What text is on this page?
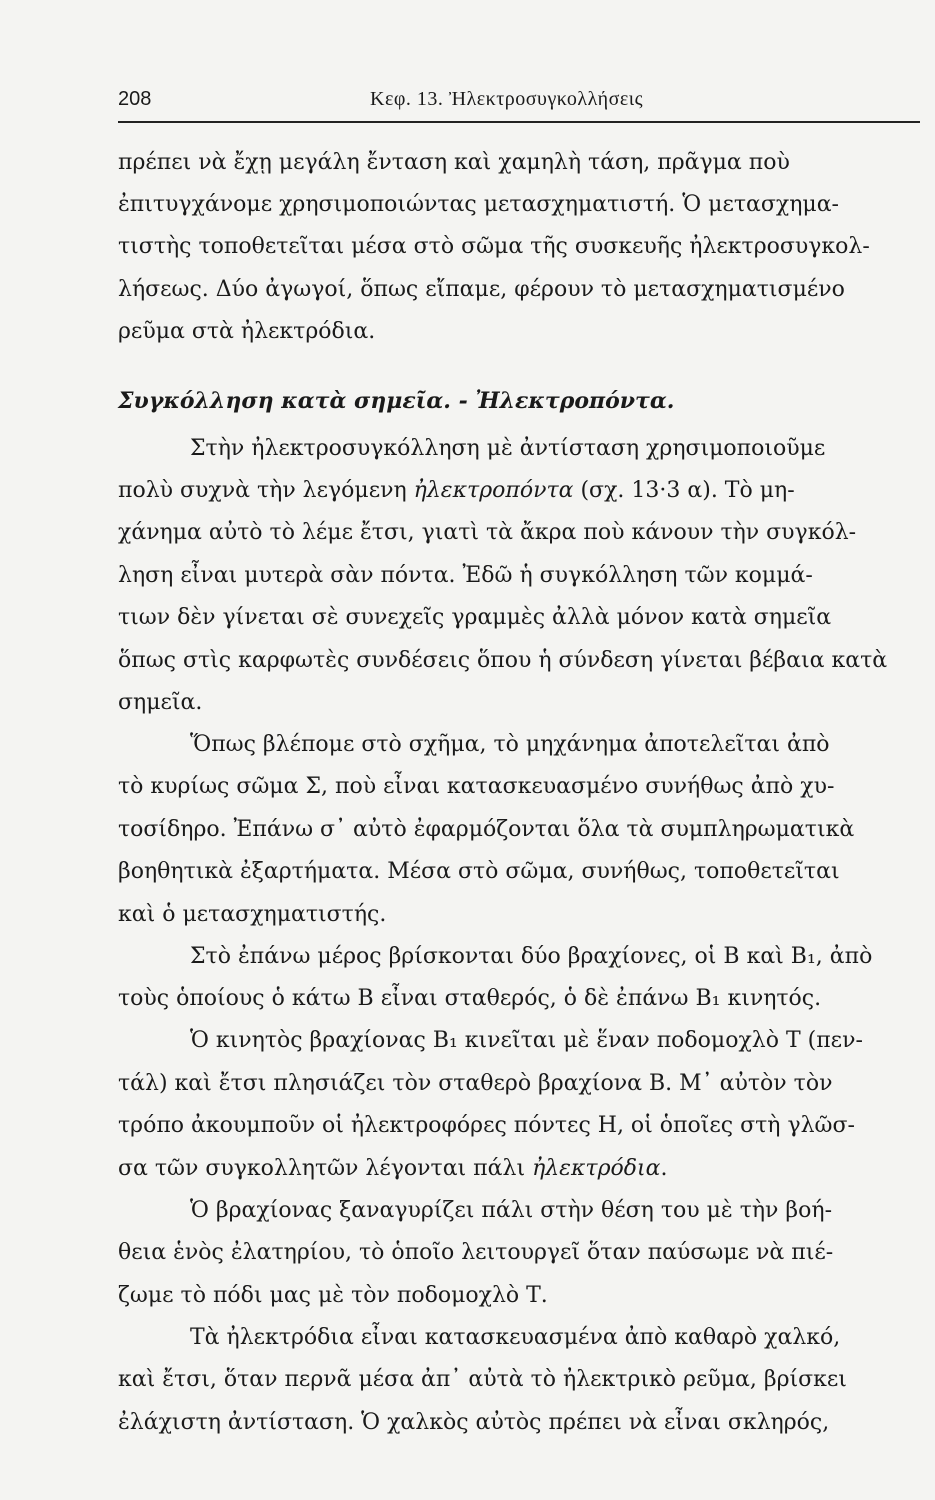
208	Κεφ. 13. Ἠλεκτροσυγκολλήσεις
πρέπει νὰ ἔχῃ μεγάλη ἔνταση καὶ χαμηλὴ τάση, πρᾶγμα ποὺ
ἐπιτυγχάνομε χρησιμοποιώντας μετασχηματιστή. Ὁ μετασχημα-
τιστὴς τοποθετεῖται μέσα στὸ σῶμα τῆς συσκευῆς ἠλεκτροσυγκολ-
λήσεως. Δύο ἀγωγοί, ὅπως εἴπαμε, φέρουν τὸ μετασχηματισμένο
ρεῦμα στὰ ἠλεκτρόδια.
Συγκόλληση κατὰ σημεῖα. - Ἠλεκτροπόντα.
Στὴν ἠλεκτροσυγκόλληση μὲ ἀντίσταση χρησιμοποιοῦμε
πολὺ συχνὰ τὴν λεγόμενη ἠλεκτροπόντα (σχ. 13·3 α). Τὸ μη-
χάνημα αὐτὸ τὸ λέμε ἔτσι, γιατὶ τὰ ἄκρα ποὺ κάνουν τὴν συγκόλ-
ληση εἶναι μυτερὰ σὰν πόντα. Ἐδῶ ἡ συγκόλληση τῶν κομμά-
τιων δὲν γίνεται σὲ συνεχεῖς γραμμὲς ἀλλὰ μόνον κατὰ σημεῖα
ὅπως στὶς καρφωτὲς συνδέσεις ὅπου ἡ σύνδεση γίνεται βέβαια κατὰ
σημεῖα.
Ὅπως βλέπομε στὸ σχῆμα, τὸ μηχάνημα ἀποτελεῖται ἀπὸ
τὸ κυρίως σῶμα Σ, ποὺ εἶναι κατασκευασμένο συνήθως ἀπὸ χυ-
τοσίδηρο. Ἐπάνω σ᾽ αὐτὸ ἐφαρμόζονται ὅλα τὰ συμπληρωματικὰ
βοηθητικὰ ἐξαρτήματα. Μέσα στὸ σῶμα, συνήθως, τοποθετεῖται
καὶ ὁ μετασχηματιστής.
Στὸ ἐπάνω μέρος βρίσκονται δύο βραχίονες, οἱ Β καὶ Β₁, ἀπὸ
τοὺς ὁποίους ὁ κάτω Β εἶναι σταθερός, ὁ δὲ ἐπάνω Β₁ κινητός.
Ὁ κινητὸς βραχίονας Β₁ κινεῖται μὲ ἕναν ποδομοχλὸ Τ (πεν-
τάλ) καὶ ἔτσι πλησιάζει τὸν σταθερὸ βραχίονα Β. Μ᾽ αὐτὸν τὸν
τρόπο ἀκουμποῦν οἱ ἠλεκτροφόρες πόντες Η, οἱ ὁποῖες στὴ γλῶσ-
σα τῶν συγκολλητῶν λέγονται πάλι ἠλεκτρόδια.
Ὁ βραχίονας ξαναγυρίζει πάλι στὴν θέση του μὲ τὴν βοή-
θεια ἑνὸς ἐλατηρίου, τὸ ὁποῖο λειτουργεῖ ὅταν παύσωμε νὰ πιέ-
ζωμε τὸ πόδι μας μὲ τὸν ποδομοχλὸ Τ.
Τὰ ἠλεκτρόδια εἶναι κατασκευασμένα ἀπὸ καθαρὸ χαλκό,
καὶ ἔτσι, ὅταν περνᾶ μέσα ἀπ᾽ αὐτὰ τὸ ἠλεκτρικὸ ρεῦμα, βρίσκει
ἐλάχιστη ἀντίσταση. Ὁ χαλκὸς αὐτὸς πρέπει νὰ εἶναι σκληρός,
